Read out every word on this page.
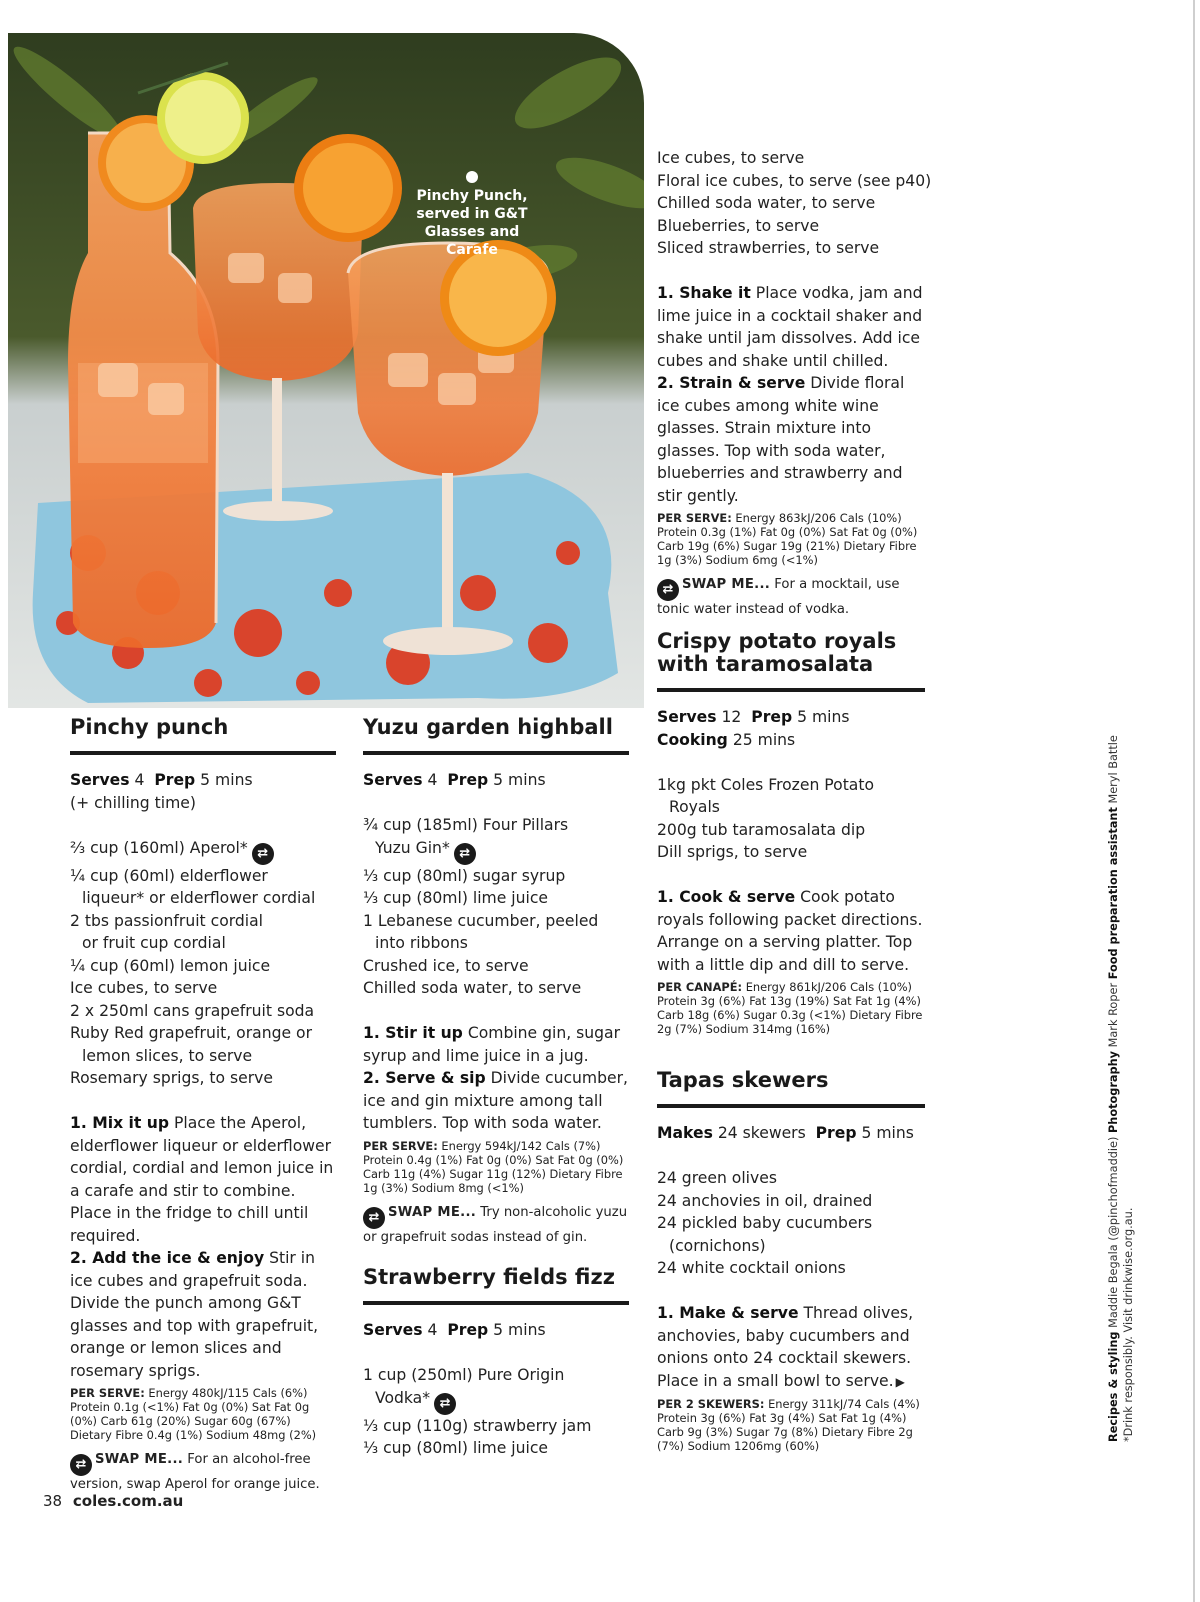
Pinchy Punch, served in G&T Glasses and Carafe
Pinchy punch
Serves 4 Prep 5 mins
(+ chilling time)
⅔ cup (160ml) Aperol* ⇄
¼ cup (60ml) elderflower
liqueur* or elderflower cordial
2 tbs passionfruit cordial
or fruit cup cordial
¼ cup (60ml) lemon juice
Ice cubes, to serve
2 x 250ml cans grapefruit soda
Ruby Red grapefruit, orange or
lemon slices, to serve
Rosemary sprigs, to serve
1. Mix it up Place the Aperol, elderflower liqueur or elderflower cordial, cordial and lemon juice in a carafe and stir to combine. Place in the fridge to chill until required.
2. Add the ice & enjoy Stir in ice cubes and grapefruit soda. Divide the punch among G&T glasses and top with grapefruit, orange or lemon slices and rosemary sprigs.
PER SERVE: Energy 480kJ/115 Cals (6%) Protein 0.1g (<1%) Fat 0g (0%) Sat Fat 0g (0%) Carb 61g (20%) Sugar 60g (67%) Dietary Fibre 0.4g (1%) Sodium 48mg (2%)
⇄ SWAP ME... For an alcohol-free version, swap Aperol for orange juice.
Yuzu garden highball
Serves 4 Prep 5 mins
¾ cup (185ml) Four Pillars
Yuzu Gin* ⇄
⅓ cup (80ml) sugar syrup
⅓ cup (80ml) lime juice
1 Lebanese cucumber, peeled
into ribbons
Crushed ice, to serve
Chilled soda water, to serve
1. Stir it up Combine gin, sugar syrup and lime juice in a jug.
2. Serve & sip Divide cucumber, ice and gin mixture among tall tumblers. Top with soda water.
PER SERVE: Energy 594kJ/142 Cals (7%) Protein 0.4g (1%) Fat 0g (0%) Sat Fat 0g (0%) Carb 11g (4%) Sugar 11g (12%) Dietary Fibre 1g (3%) Sodium 8mg (<1%)
⇄ SWAP ME... Try non-alcoholic yuzu or grapefruit sodas instead of gin.
Strawberry fields fizz
Serves 4 Prep 5 mins
1 cup (250ml) Pure Origin
Vodka* ⇄
⅓ cup (110g) strawberry jam
⅓ cup (80ml) lime juice
Ice cubes, to serve
Floral ice cubes, to serve (see p40)
Chilled soda water, to serve
Blueberries, to serve
Sliced strawberries, to serve
1. Shake it Place vodka, jam and lime juice in a cocktail shaker and shake until jam dissolves. Add ice cubes and shake until chilled.
2. Strain & serve Divide floral ice cubes among white wine glasses. Strain mixture into glasses. Top with soda water, blueberries and strawberry and stir gently.
PER SERVE: Energy 863kJ/206 Cals (10%) Protein 0.3g (1%) Fat 0g (0%) Sat Fat 0g (0%) Carb 19g (6%) Sugar 19g (21%) Dietary Fibre 1g (3%) Sodium 6mg (<1%)
⇄ SWAP ME... For a mocktail, use tonic water instead of vodka.
Crispy potato royals
with taramosalata
Serves 12 Prep 5 mins
Cooking 25 mins
1kg pkt Coles Frozen Potato
Royals
200g tub taramosalata dip
Dill sprigs, to serve
1. Cook & serve Cook potato royals following packet directions. Arrange on a serving platter. Top with a little dip and dill to serve.
PER CANAPÉ: Energy 861kJ/206 Cals (10%) Protein 3g (6%) Fat 13g (19%) Sat Fat 1g (4%) Carb 18g (6%) Sugar 0.3g (<1%) Dietary Fibre 2g (7%) Sodium 314mg (16%)
Tapas skewers
Makes 24 skewers Prep 5 mins
24 green olives
24 anchovies in oil, drained
24 pickled baby cucumbers
(cornichons)
24 white cocktail onions
1. Make & serve Thread olives, anchovies, baby cucumbers and onions onto 24 cocktail skewers. Place in a small bowl to serve. ▶
PER 2 SKEWERS: Energy 311kJ/74 Cals (4%) Protein 3g (6%) Fat 3g (4%) Sat Fat 1g (4%) Carb 9g (3%) Sugar 7g (8%) Dietary Fibre 2g (7%) Sodium 1206mg (60%)
38 coles.com.au
Recipes & styling Maddie Begala (@pinchofmaddie) Photography Mark Roper Food preparation assistant Meryl Battle
*Drink responsibly. Visit drinkwise.org.au.
